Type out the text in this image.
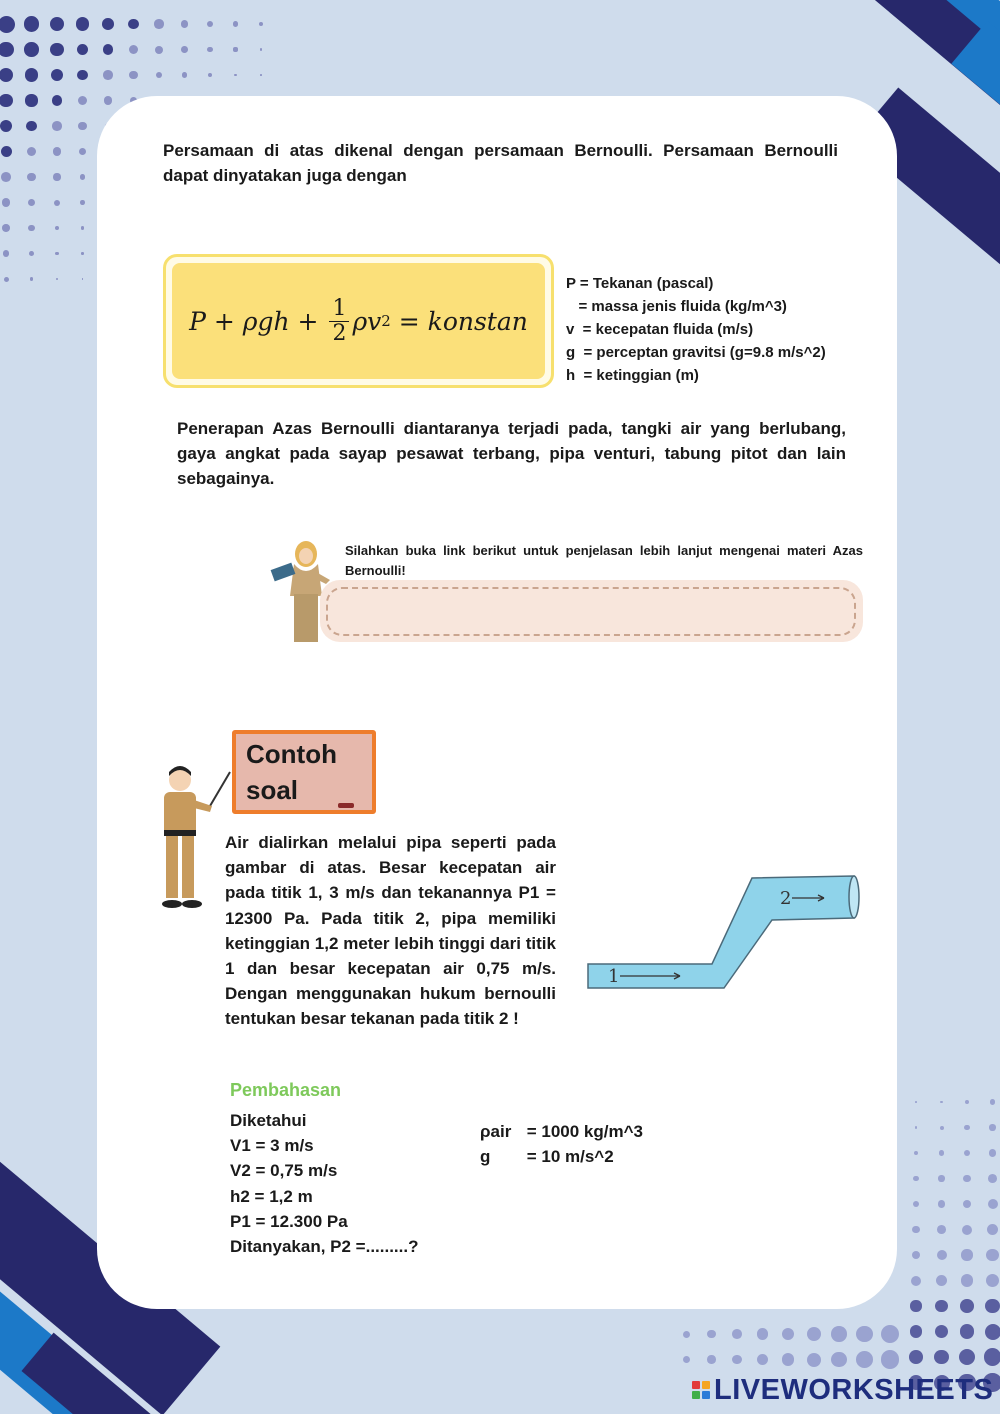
Persamaan di atas dikenal dengan persamaan Bernoulli. Persamaan Bernoulli dapat dinyatakan juga dengan

$P + \rho gh + \frac{1}{2}$ ρv 2 = konstan
P = Tekanan (pascal)
= massa jenis fluida (kg/m^3)
v  = kecepatan fluida (m/s)
g  = perceptan gravitsi (g=9.8 m/s^2)
h  = ketinggian (m)

Penerapan Azas Bernoulli diantaranya terjadi pada, tangki air yang berlubang, gaya angkat pada sayap pesawat terbang, pipa venturi, tabung pitot dan lain sebagainya.

Silahkan buka link berikut untuk penjelasan lebih lanjut mengenai materi Azas Bernoulli!

Contoh
soal

Air dialirkan melalui pipa seperti pada gambar di atas. Besar kecepatan air pada titik 1, 3 m/s dan tekanannya P1 = 12300 Pa. Pada titik 2, pipa memiliki ketinggian 1,2 meter lebih tinggi dari titik 1 dan besar kecepatan air 0,75 m/s. Dengan menggunakan hukum bernoulli tentukan besar tekanan pada titik 2 !

1
2
Pembahasan
Diketahui
V1 = 3 m/s
V2 = 0,75 m/s
h2 = 1,2 m
P1 = 12.300 Pa
Ditanyakan, P2 =.........?
ρair = 1000 kg/m^3
g = 10 m/s^2
LIVEWORKSHEETS
